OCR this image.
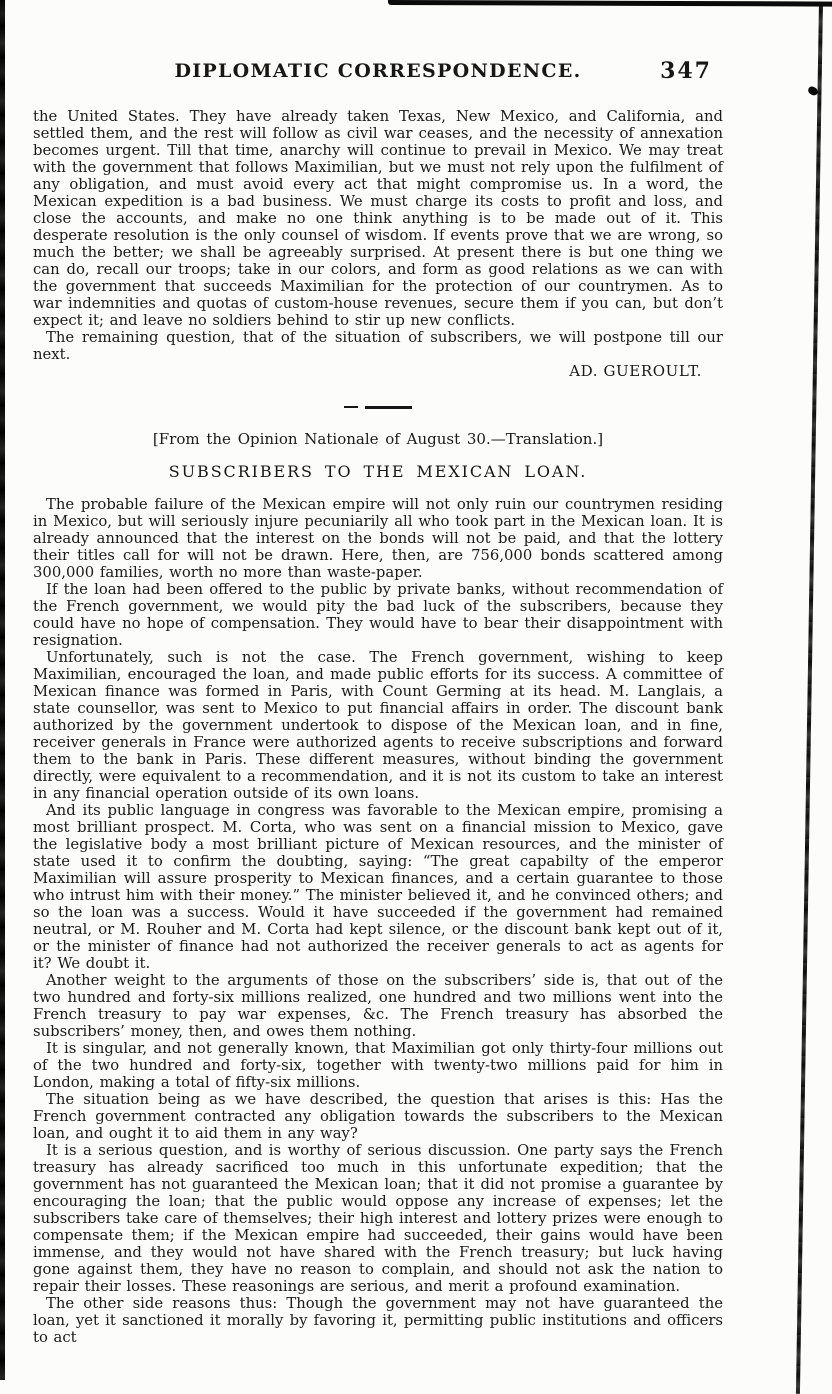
DIPLOMATIC CORRESPONDENCE.	347

the United States. They have already taken Texas, New Mexico, and California, and settled them, and the rest will follow as civil war ceases, and the necessity of annexation becomes urgent. Till that time, anarchy will continue to prevail in Mexico. We may treat with the government that follows Maximilian, but we must not rely upon the fulfilment of any obligation, and must avoid every act that might compromise us. In a word, the Mexican expedition is a bad business. We must charge its costs to profit and loss, and close the accounts, and make no one think anything is to be made out of it. This desperate resolution is the only counsel of wisdom. If events prove that we are wrong, so much the better; we shall be agreeably surprised. At present there is but one thing we can do, recall our troops; take in our colors, and form as good relations as we can with the government that succeeds Maximilian for the protection of our countrymen. As to war indemnities and quotas of custom-house revenues, secure them if you can, but don’t expect it; and leave no soldiers behind to stir up new conflicts.

The remaining question, that of the situation of subscribers, we will postpone till our next.

AD. GUEROULT.
[From the Opinion Nationale of August 30.—Translation.]
SUBSCRIBERS TO THE MEXICAN LOAN.

The probable failure of the Mexican empire will not only ruin our countrymen residing in Mexico, but will seriously injure pecuniarily all who took part in the Mexican loan. It is already announced that the interest on the bonds will not be paid, and that the lottery their titles call for will not be drawn. Here, then, are 756,000 bonds scattered among 300,000 families, worth no more than waste-paper.

If the loan had been offered to the public by private banks, without recommendation of the French government, we would pity the bad luck of the subscribers, because they could have no hope of compensation. They would have to bear their disappointment with resignation.

Unfortunately, such is not the case. The French government, wishing to keep Maximilian, encouraged the loan, and made public efforts for its success. A committee of Mexican finance was formed in Paris, with Count Germing at its head. M. Langlais, a state counsellor, was sent to Mexico to put financial affairs in order. The discount bank authorized by the government undertook to dispose of the Mexican loan, and in fine, receiver generals in France were authorized agents to receive subscriptions and forward them to the bank in Paris. These different measures, without binding the government directly, were equivalent to a recommendation, and it is not its custom to take an interest in any financial operation outside of its own loans.

And its public language in congress was favorable to the Mexican empire, promising a most brilliant prospect. M. Corta, who was sent on a financial mission to Mexico, gave the legislative body a most brilliant picture of Mexican resources, and the minister of state used it to confirm the doubting, saying: “The great capabilty of the emperor Maximilian will assure prosperity to Mexican finances, and a certain guarantee to those who intrust him with their money.” The minister believed it, and he convinced others; and so the loan was a success. Would it have succeeded if the government had remained neutral, or M. Rouher and M. Corta had kept silence, or the discount bank kept out of it, or the minister of finance had not authorized the receiver generals to act as agents for it? We doubt it.

Another weight to the arguments of those on the subscribers’ side is, that out of the two hundred and forty-six millions realized, one hundred and two millions went into the French treasury to pay war expenses, &c. The French treasury has absorbed the subscribers’ money, then, and owes them nothing.

It is singular, and not generally known, that Maximilian got only thirty-four millions out of the two hundred and forty-six, together with twenty-two millions paid for him in London, making a total of fifty-six millions.

The situation being as we have described, the question that arises is this: Has the French government contracted any obligation towards the subscribers to the Mexican loan, and ought it to aid them in any way?

It is a serious question, and is worthy of serious discussion. One party says the French treasury has already sacrificed too much in this unfortunate expedition; that the government has not guaranteed the Mexican loan; that it did not promise a guarantee by encouraging the loan; that the public would oppose any increase of expenses; let the subscribers take care of themselves; their high interest and lottery prizes were enough to compensate them; if the Mexican empire had succeeded, their gains would have been immense, and they would not have shared with the French treasury; but luck having gone against them, they have no reason to complain, and should not ask the nation to repair their losses. These reasonings are serious, and merit a profound examination.

The other side reasons thus: Though the government may not have guaranteed the loan, yet it sanctioned it morally by favoring it, permitting public institutions and officers to act
